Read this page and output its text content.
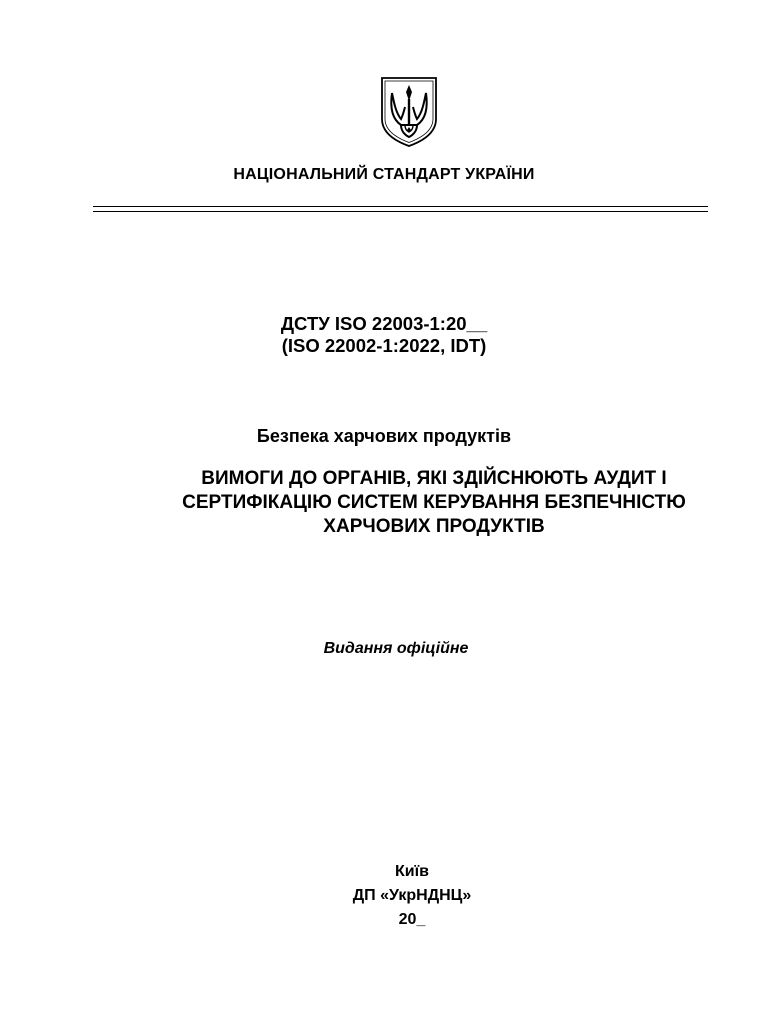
НАЦІОНАЛЬНИЙ СТАНДАРТ УКРАЇНИ
ДСТУ ISO 22003-1:20__
(ISO 22002-1:2022, IDT)
Безпека харчових продуктів
ВИМОГИ ДО ОРГАНІВ, ЯКІ ЗДІЙСНЮЮТЬ АУДИТ І
СЕРТИФІКАЦІЮ СИСТЕМ КЕРУВАННЯ БЕЗПЕЧНІСТЮ
ХАРЧОВИХ ПРОДУКТІВ
Видання офіційне
Київ
ДП «УкрНДНЦ»
20_
